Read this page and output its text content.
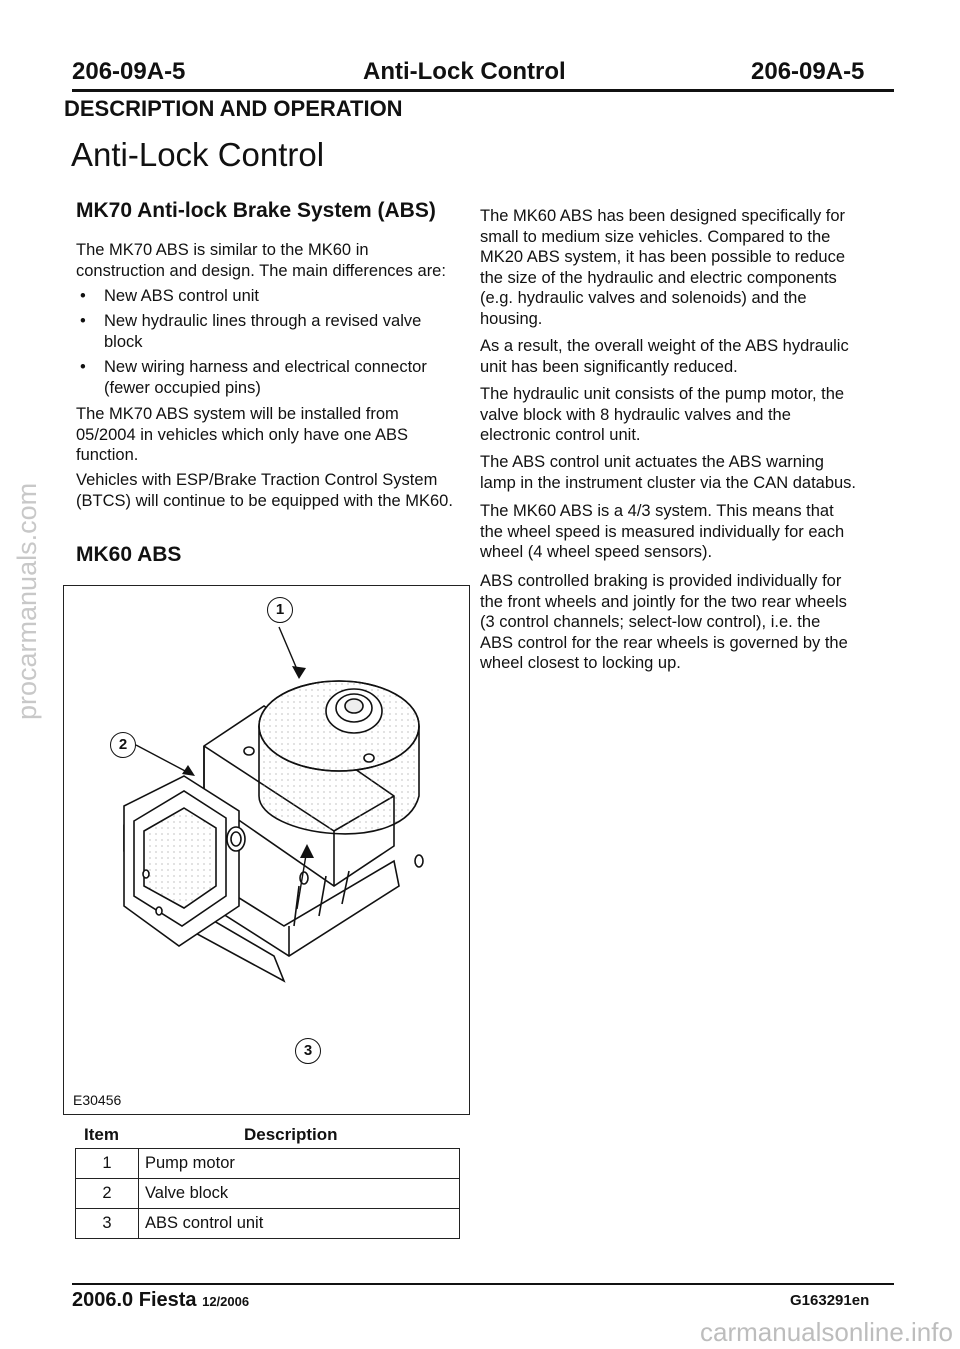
206-09A-5	Anti-Lock Control	206-09A-5
DESCRIPTION AND OPERATION
Anti-Lock Control
MK70 Anti-lock Brake System (ABS)
The MK70 ABS is similar to the MK60 in
construction and design. The main differences are:
• New ABS control unit
• New hydraulic lines through a revised valve
block
• New wiring harness and electrical connector
(fewer occupied pins)
The MK70 ABS system will be installed from
05/2004 in vehicles which only have one ABS
function.
Vehicles with ESP/Brake Traction Control System
(BTCS) will continue to be equipped with the MK60.
MK60 ABS
1
2
3
E30456
Item	Description
1	Pump motor
2	Valve block
3	ABS control unit
The MK60 ABS has been designed specifically for
small to medium size vehicles. Compared to the
MK20 ABS system, it has been possible to reduce
the size of the hydraulic and electric components
(e.g. hydraulic valves and solenoids) and the
housing.
As a result, the overall weight of the ABS hydraulic
unit has been significantly reduced.
The hydraulic unit consists of the pump motor, the
valve block with 8 hydraulic valves and the
electronic control unit.
The ABS control unit actuates the ABS warning
lamp in the instrument cluster via the CAN databus.
The MK60 ABS is a 4/3 system. This means that
the wheel speed is measured individually for each
wheel (4 wheel speed sensors).
ABS controlled braking is provided individually for
the front wheels and jointly for the two rear wheels
(3 control channels; select-low control), i.e. the
ABS control for the rear wheels is governed by the
wheel closest to locking up.
2006.0 Fiesta 12/2006	G163291en
procarmanuals.com
carmanualsonline.info
